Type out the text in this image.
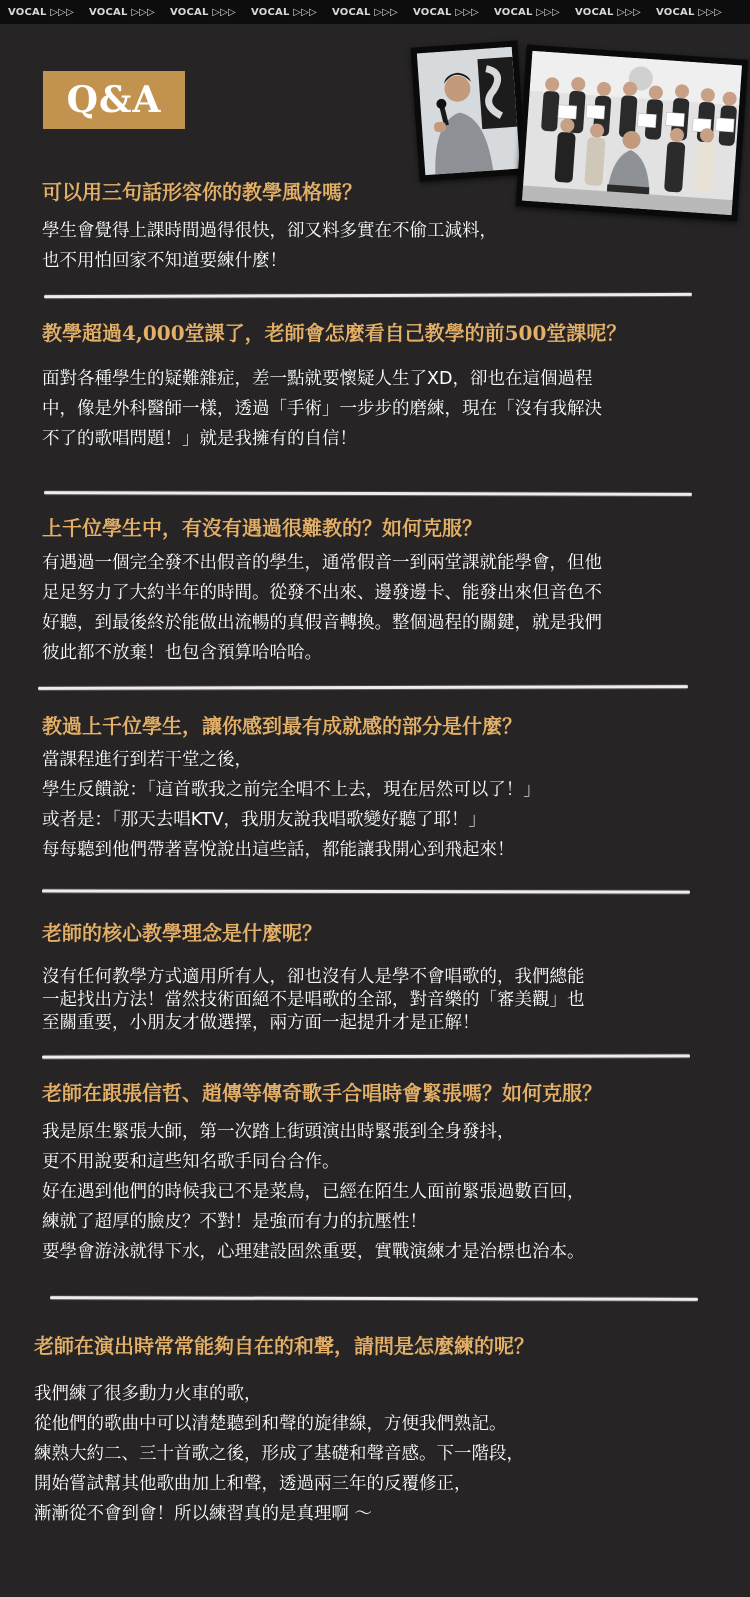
VOCAL ▷▷▷ VOCAL ▷▷▷ VOCAL ▷▷▷ VOCAL ▷▷▷ VOCAL ▷▷▷ VOCAL ▷▷▷ VOCAL ▷▷▷ VOCAL ▷▷▷ VOCAL ▷▷▷
Q&A

可以用三句話形容你的教學風格嗎？

學生會覺得上課時間過得很快，卻又料多實在不偷工減料，
也不用怕回家不知道要練什麼！

教學超過4,000堂課了，老師會怎麼看自己教學的前500堂課呢？

面對各種學生的疑難雜症，差一點就要懷疑人生了XD，卻也在這個過程
中，像是外科醫師一樣，透過「手術」一步步的磨練，現在「沒有我解決
不了的歌唱問題！」就是我擁有的自信！

上千位學生中，有沒有遇過很難教的？如何克服？

有遇過一個完全發不出假音的學生，通常假音一到兩堂課就能學會，但他
足足努力了大約半年的時間。從發不出來、邊發邊卡、能發出來但音色不
好聽，到最後終於能做出流暢的真假音轉換。整個過程的關鍵，就是我們
彼此都不放棄！也包含預算哈哈哈。

教過上千位學生，讓你感到最有成就感的部分是什麼？

當課程進行到若干堂之後，
學生反饋說：「這首歌我之前完全唱不上去，現在居然可以了！」
或者是：「那天去唱KTV，我朋友說我唱歌變好聽了耶！」
每每聽到他們帶著喜悅說出這些話，都能讓我開心到飛起來！

老師的核心教學理念是什麼呢？

沒有任何教學方式適用所有人，卻也沒有人是學不會唱歌的，我們總能
一起找出方法！當然技術面絕不是唱歌的全部，對音樂的「審美觀」也
至關重要，小朋友才做選擇，兩方面一起提升才是正解！

老師在跟張信哲、趙傳等傳奇歌手合唱時會緊張嗎？如何克服？

我是原生緊張大師，第一次踏上街頭演出時緊張到全身發抖，
更不用說要和這些知名歌手同台合作。
好在遇到他們的時候我已不是菜鳥，已經在陌生人面前緊張過數百回，
練就了超厚的臉皮？不對！是強而有力的抗壓性！
要學會游泳就得下水，心理建設固然重要，實戰演練才是治標也治本。

老師在演出時常常能夠自在的和聲，請問是怎麼練的呢？

我們練了很多動力火車的歌，
從他們的歌曲中可以清楚聽到和聲的旋律線，方便我們熟記。
練熟大約二、三十首歌之後，形成了基礎和聲音感。下一階段，
開始嘗試幫其他歌曲加上和聲，透過兩三年的反覆修正，
漸漸從不會到會！所以練習真的是真理啊 ～
